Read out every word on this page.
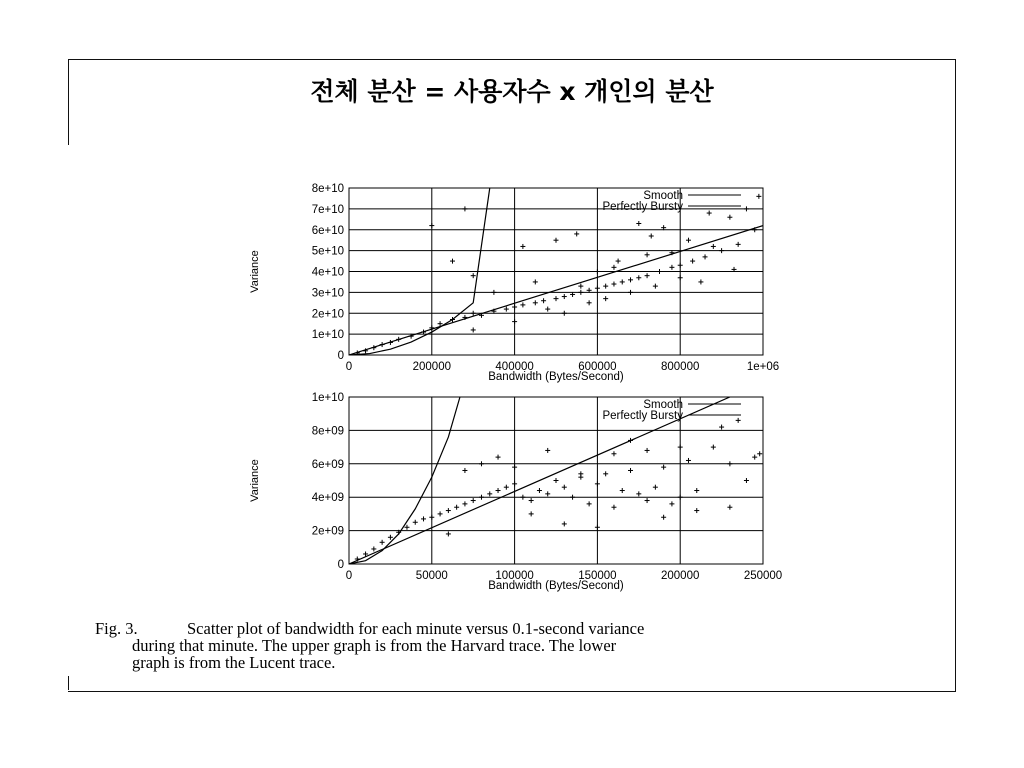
전체 분산 = 사용자수 x 개인의 분산
0	200000	400000	600000	800000	1e+06
0
1e+10
2e+10
3e+10
4e+10
5e+10
6e+10
7e+10
8e+10
Bandwidth (Bytes/Second)
Variance
Smooth
Perfectly Bursty
0	50000	100000	150000	200000	250000
0
2e+09
4e+09
6e+09
8e+09
1e+10
Bandwidth (Bytes/Second)
Variance
Smooth
Perfectly Bursty
Fig. 3.	Scatter plot of bandwidth for each minute versus 0.1-second variance
during that minute. The upper graph is from the Harvard trace. The lower
graph is from the Lucent trace.
